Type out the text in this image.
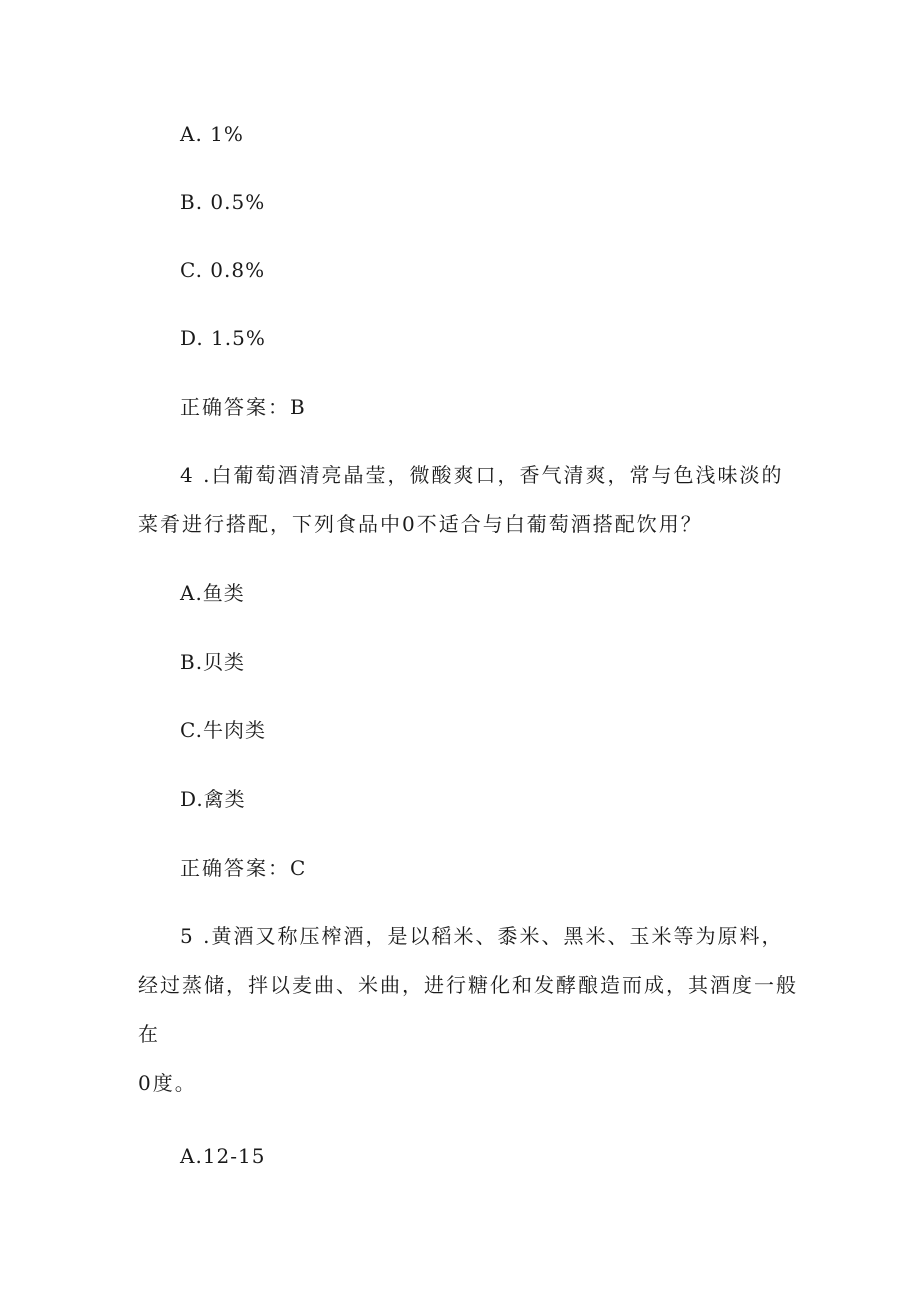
A. 1%
B. 0.5%
C. 0.8%
D. 1.5%
正确答案：B
4 .白葡萄酒清亮晶莹，微酸爽口，香气清爽，常与色浅味淡的
菜肴进行搭配，下列食品中0不适合与白葡萄酒搭配饮用？
A.鱼类
B.贝类
C.牛肉类
D.禽类
正确答案：C
5 .黄酒又称压榨酒，是以稻米、黍米、黑米、玉米等为原料，
经过蒸储，拌以麦曲、米曲，进行糖化和发酵酿造而成，其酒度一般
在
0度。
A.12-15
